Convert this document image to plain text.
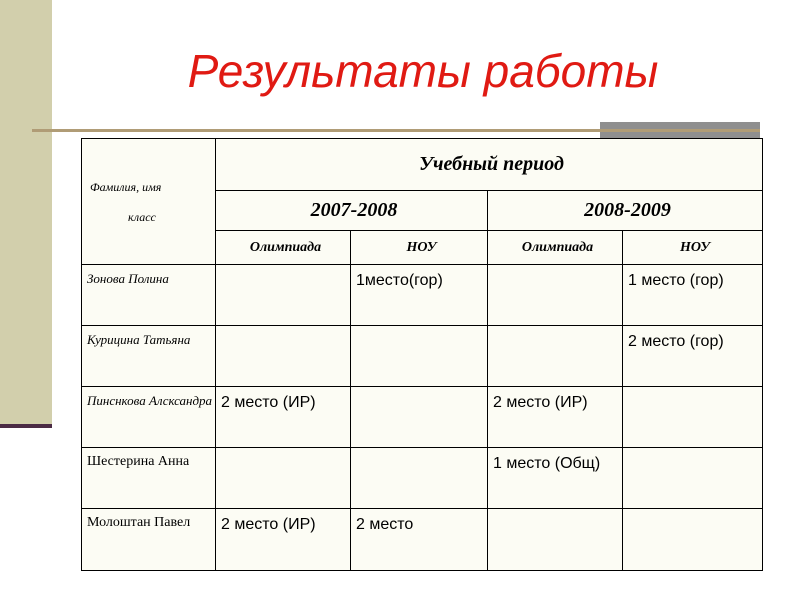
Результаты работы
Фамилия, имя
класс	Учебный период			
	2007-2008		2008-2009	
	Олимпиада	НОУ	Олимпиада	НОУ
Зонова Полина		1место(гор)		1 место (гор)
Курицина Татьяна				2 место (гор)
Пинснкова Алсксандра	2 место (ИР)		2 место (ИР)	
Шестерина Анна			1 место (Общ)	
Молоштан Павел	2 место (ИР)	2 место		
